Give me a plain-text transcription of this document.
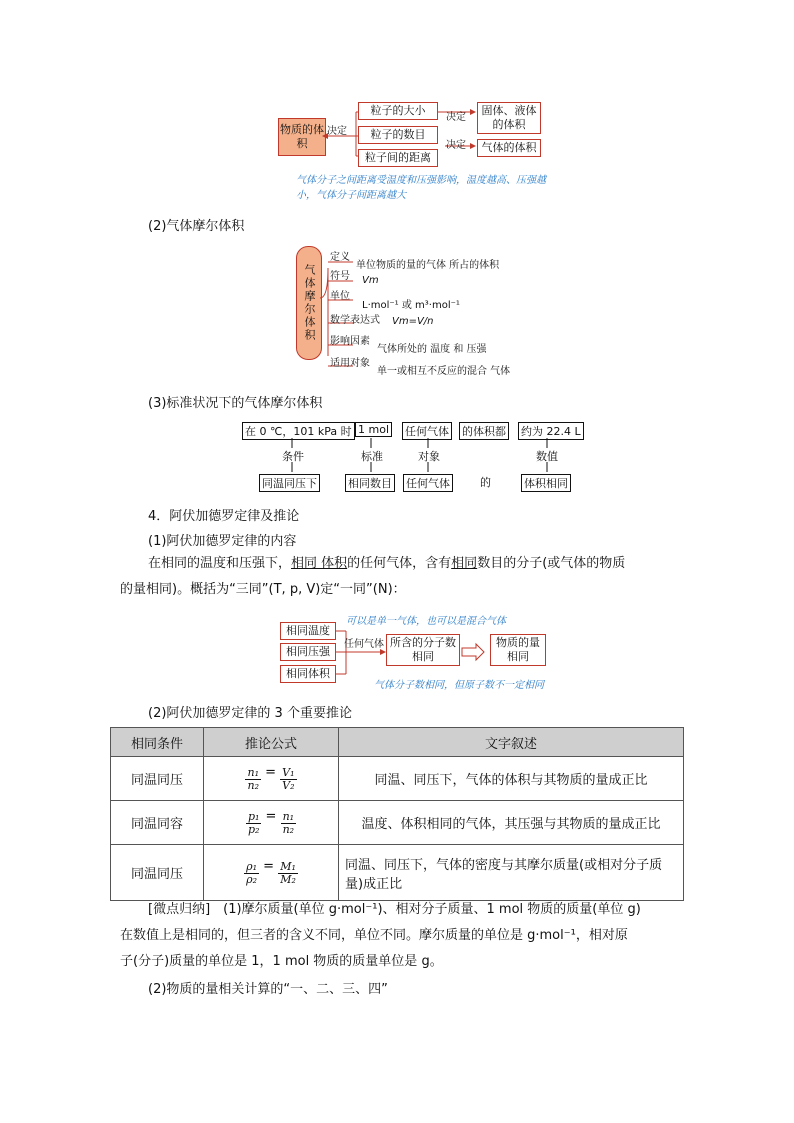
物质的体积
决定
粒子的大小
粒子的数目
粒子间的距离
决定
决定
固体、液体的体积
气体的体积
气体分子之间距离受温度和压强影响，温度越高、压强越小，气体分子间距离越大
(2)气体摩尔体积
气体摩尔体积
定义
单位物质的量的气体 所占的体积
符号 Vm
单位
L·mol⁻¹ 或 m³·mol⁻¹
数学表达式 Vm=V/n
影响因素
气体所处的 温度 和 压强
适用对象
单一或相互不反应的混合 气体
(3)标准状况下的气体摩尔体积
在 0 ℃，101 kPa 时 1 mol 任何气体 的体积都 约为 22.4 L
条件	标准	对象	数值
同温同压下	相同数目 任何气体	的	体积相同
4．阿伏加德罗定律及推论
(1)阿伏加德罗定律的内容
在相同的温度和压强下，相同 体积的任何气体，含有相同数目的分子(或气体的物质
的量相同)。概括为“三同”(T, p, V)定“一同”(N)：
可以是单一气体，也可以是混合气体
相同温度
相同压强
相同体积
任何气体 所含的分子数相同
物质的量相同
气体分子数相同，但原子数不一定相同
(2)阿伏加德罗定律的 3 个重要推论
相同条件	推论公式	文字叙述
同温同压	$\frac{\text{n₁}}{\text{n₂}} = \frac{\text{V₁}}{\text{V₂}}$	同温、同压下，气体的体积与其物质的量成正比
同温同容	$\frac{\text{p₁}}{\text{p₂}} = \frac{\text{n₁}}{\text{n₂}}$	温度、体积相同的气体，其压强与其物质的量成正比
同温同压	$\frac{\text{ρ₁}}{\text{ρ₂}} = \frac{\text{M₁}}{\text{M₂}}$	同温、同压下，气体的密度与其摩尔质量(或相对分子质量)成正比
[微点归纳]　(1)摩尔质量(单位 g·mol⁻¹)、相对分子质量、1 mol 物质的质量(单位 g)
在数值上是相同的，但三者的含义不同，单位不同。摩尔质量的单位是 g·mol⁻¹，相对原
子(分子)质量的单位是 1，1 mol 物质的质量单位是 g。
(2)物质的量相关计算的“一、二、三、四”
